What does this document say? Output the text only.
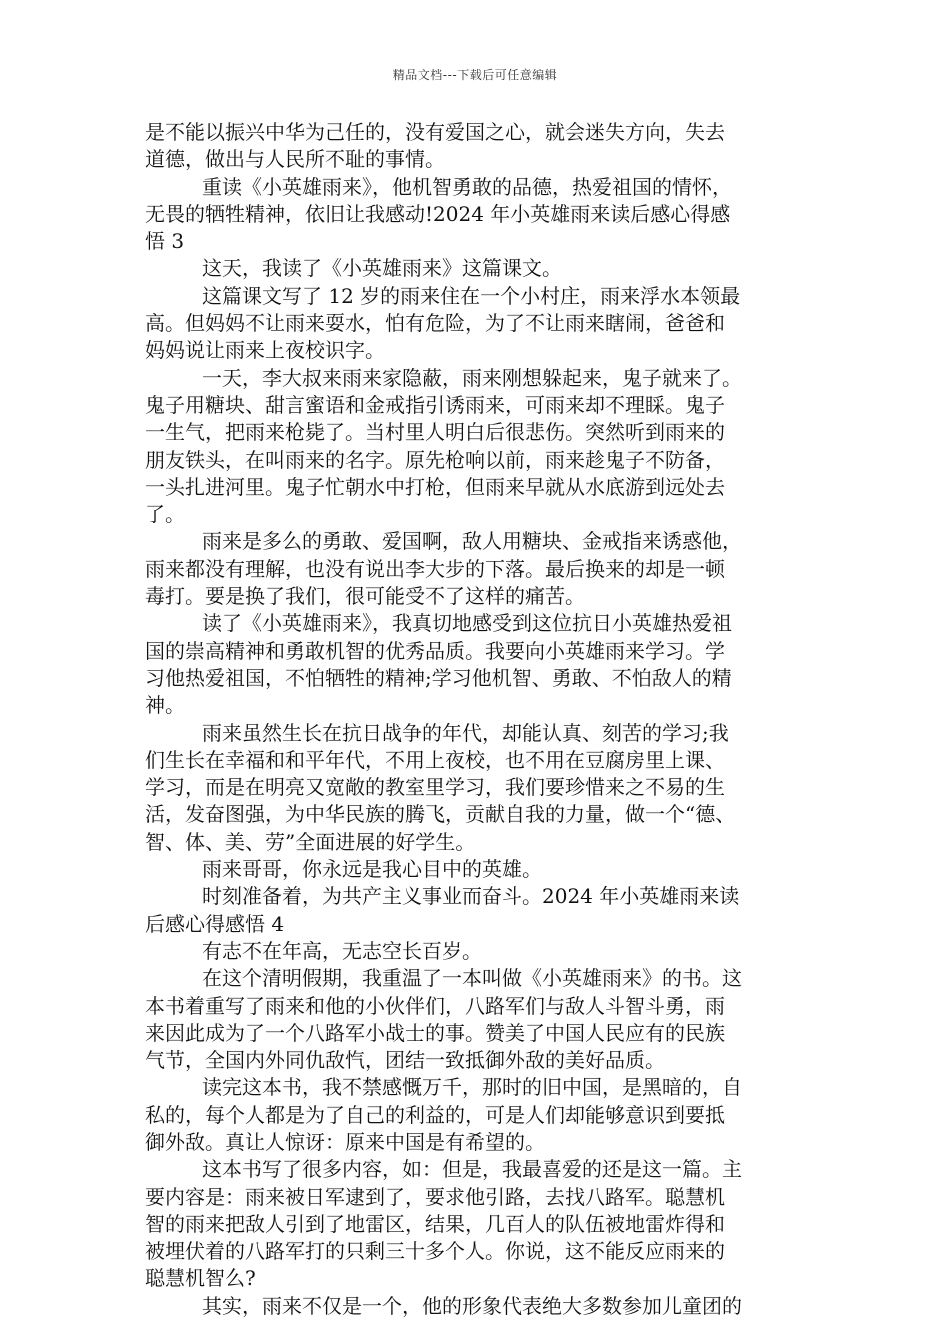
精品文档---下载后可任意编辑
是不能以振兴中华为己任的，没有爱国之心，就会迷失方向，失去
道德，做出与人民所不耻的事情。
重读《小英雄雨来》，他机智勇敢的品德，热爱祖国的情怀，
无畏的牺牲精神，依旧让我感动!2024 年小英雄雨来读后感心得感
悟 3
这天，我读了《小英雄雨来》这篇课文。
这篇课文写了 12 岁的雨来住在一个小村庄，雨来浮水本领最
高。但妈妈不让雨来耍水，怕有危险，为了不让雨来瞎闹，爸爸和
妈妈说让雨来上夜校识字。
一天，李大叔来雨来家隐蔽，雨来刚想躲起来，鬼子就来了。
鬼子用糖块、甜言蜜语和金戒指引诱雨来，可雨来却不理睬。鬼子
一生气，把雨来枪毙了。当村里人明白后很悲伤。突然听到雨来的
朋友铁头，在叫雨来的名字。原先枪响以前，雨来趁鬼子不防备，
一头扎进河里。鬼子忙朝水中打枪，但雨来早就从水底游到远处去
了。
雨来是多么的勇敢、爱国啊，敌人用糖块、金戒指来诱惑他，
雨来都没有理解，也没有说出李大步的下落。最后换来的却是一顿
毒打。要是换了我们，很可能受不了这样的痛苦。
读了《小英雄雨来》，我真切地感受到这位抗日小英雄热爱祖
国的崇高精神和勇敢机智的优秀品质。我要向小英雄雨来学习。学
习他热爱祖国，不怕牺牲的精神;学习他机智、勇敢、不怕敌人的精
神。
雨来虽然生长在抗日战争的年代，却能认真、刻苦的学习;我
们生长在幸福和和平年代，不用上夜校，也不用在豆腐房里上课、
学习，而是在明亮又宽敞的教室里学习，我们要珍惜来之不易的生
活，发奋图强，为中华民族的腾飞，贡献自我的力量，做一个“德、
智、体、美、劳”全面进展的好学生。
雨来哥哥，你永远是我心目中的英雄。
时刻准备着，为共产主义事业而奋斗。2024 年小英雄雨来读
后感心得感悟 4
有志不在年高，无志空长百岁。
在这个清明假期，我重温了一本叫做《小英雄雨来》的书。这
本书着重写了雨来和他的小伙伴们，八路军们与敌人斗智斗勇，雨
来因此成为了一个八路军小战士的事。赞美了中国人民应有的民族
气节，全国内外同仇敌忾，团结一致抵御外敌的美好品质。
读完这本书，我不禁感慨万千，那时的旧中国，是黑暗的，自
私的，每个人都是为了自己的利益的，可是人们却能够意识到要抵
御外敌。真让人惊讶：原来中国是有希望的。
这本书写了很多内容，如：但是，我最喜爱的还是这一篇。主
要内容是：雨来被日军逮到了，要求他引路，去找八路军。聪慧机
智的雨来把敌人引到了地雷区，结果，几百人的队伍被地雷炸得和
被埋伏着的八路军打的只剩三十多个人。你说，这不能反应雨来的
聪慧机智么?
其实，雨来不仅是一个，他的形象代表绝大多数参加儿童团的
